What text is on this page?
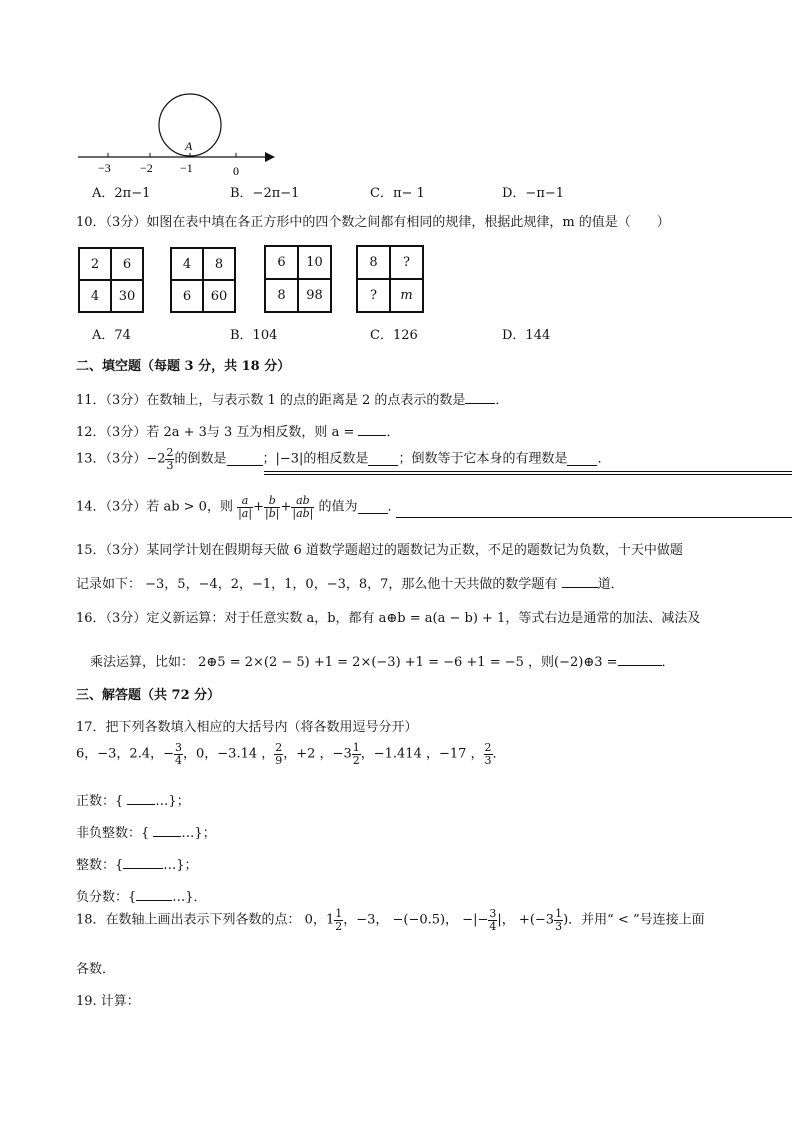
A
−3 −2 −1	0
A．2π−1	B．−2π−1	C．π− 1	D．−π−1
10．（3分）如图在表中填在各正方形中的四个数之间都有相同的规律，根据此规律，m 的值是（　　）
2	6
4	30
4	8
6	60
6	10
8	98
8	?
?	m
A．74	B．104	C．126	D．144
二、填空题（每题 3 分，共 18 分）
11．（3分）在数轴上，与表示数 1 的点的距离是 2 的点表示的数是 ．
12．（3分）若 2a + 3与 3 互为相反数，则 a = ．
13．（3分）$-2 \frac{2}{3}$ 的倒数是	；|−3|的相反数是 ；倒数等于它本身的有理数是 ．
14．（3分）若 ab > 0，则 $\frac{a}{|a|} + \frac{b}{|b|} + \frac{ab}{|ab|}$ 的值为 ．
15．（3分）某同学计划在假期每天做 6 道数学题超过的题数记为正数，不足的题数记为负数，十天中做题
记录如下： −3，5，−4，2，−1，1，0，−3，8，7，那么他十天共做的数学题有	道．
16．（3分）定义新运算：对于任意实数 a，b，都有 a⊕b = a(a − b) + 1，等式右边是通常的加法、减法及
乘法运算，比如： 2⊕5 = 2×(2 − 5) +1 = 2×(−3) +1 = −6 +1 = −5 ，则(−2)⊕3 =	．
三、解答题（共 72 分）
17．把下列各数填入相应的大括号内（将各数用逗号分开）
6，−3，2.4，− $\frac{3}{4}$ ，0，−3.14 ， $\frac{2}{9}$ ，+2 ，$-3 \frac{1}{2}$ ，−1.414 ，−17 ， $\frac{2}{3}$ ．
正数：{ …}；
非负整数：{ …}；
整数：{	…}；
负分数：{	…}．
18．在数轴上画出表示下列各数的点： 0，$1 \frac{1}{2}$ ，−3， −(−0.5)， −|− $\frac{3}{4}$ |， $+(-3 \frac{1}{3}$ )．并用“ < ”号连接上面
各数．
19. 计算：
